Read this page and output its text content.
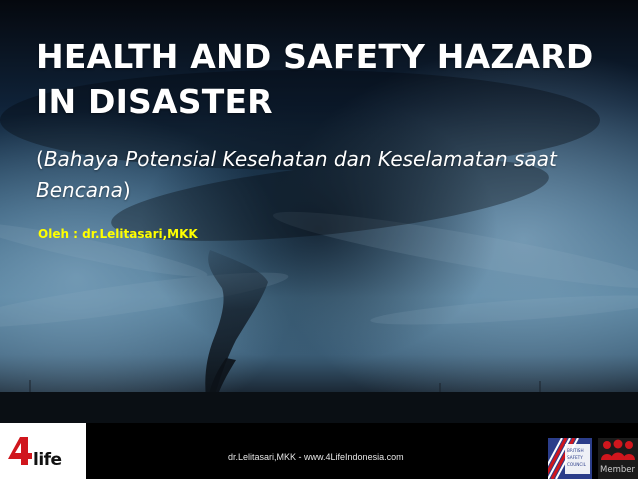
HEALTH AND SAFETY HAZARD
IN DISASTER

(Bahaya Potensial Kesehatan dan Keselamatan saat Bencana)

Oleh : dr.Lelitasari,MKK

life	dr.Lelitasari,MKK - www.4LifeIndonesia.com
BRITISH
SAFETY
COUNCIL
Member
